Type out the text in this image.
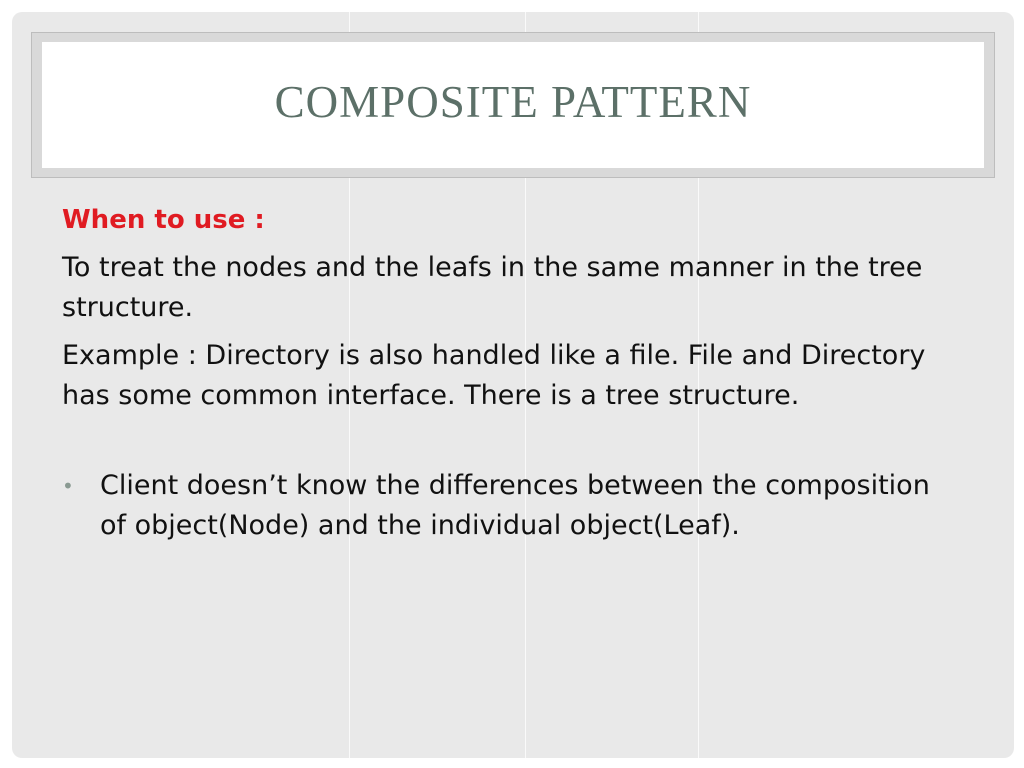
COMPOSITE PATTERN
When to use :
To treat the nodes and the leafs in the same manner in the tree structure.
Example : Directory is also handled like a file. File and Directory has some common interface. There is a tree structure.
• Client doesn’t know the differences between the composition of object(Node) and the individual object(Leaf).
